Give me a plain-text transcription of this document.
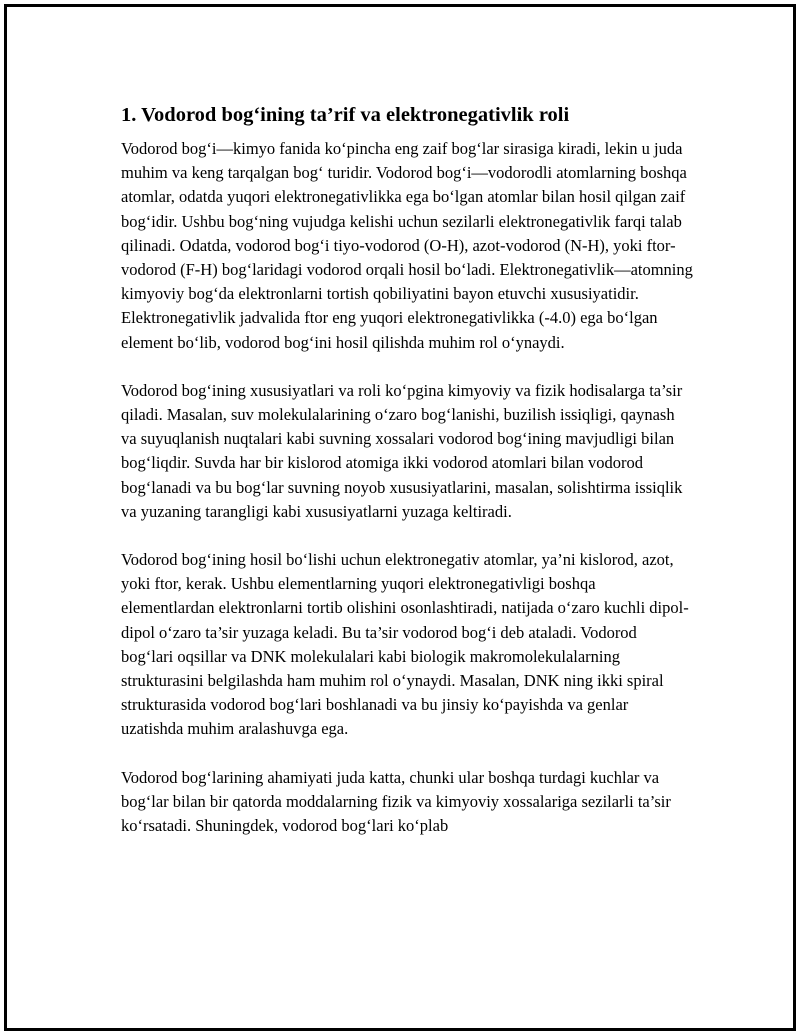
1. Vodorod bog‘ining ta’rif va elektronegativlik roli

Vodorod bog‘i—kimyo fanida ko‘pincha eng zaif bog‘lar sirasiga kiradi, lekin u juda muhim va keng tarqalgan bog‘ turidir. Vodorod bog‘i—vodorodli atomlarning boshqa atomlar, odatda yuqori elektronegativlikka ega bo‘lgan atomlar bilan hosil qilgan zaif bog‘idir. Ushbu bog‘ning vujudga kelishi uchun sezilarli elektronegativlik farqi talab qilinadi. Odatda, vodorod bog‘i tiyo-vodorod (O-H), azot-vodorod (N-H), yoki ftor-vodorod (F-H) bog‘laridagi vodorod orqali hosil bo‘ladi. Elektronegativlik—atomning kimyoviy bog‘da elektronlarni tortish qobiliyatini bayon etuvchi xususiyatidir. Elektronegativlik jadvalida ftor eng yuqori elektronegativlikka (-4.0) ega bo‘lgan element bo‘lib, vodorod bog‘ini hosil qilishda muhim rol o‘ynaydi.

Vodorod bog‘ining xususiyatlari va roli ko‘pgina kimyoviy va fizik hodisalarga ta’sir qiladi. Masalan, suv molekulalarining o‘zaro bog‘lanishi, buzilish issiqligi, qaynash va suyuqlanish nuqtalari kabi suvning xossalari vodorod bog‘ining mavjudligi bilan bog‘liqdir. Suvda har bir kislorod atomiga ikki vodorod atomlari bilan vodorod bog‘lanadi va bu bog‘lar suvning noyob xususiyatlarini, masalan, solishtirma issiqlik va yuzaning tarangligi kabi xususiyatlarni yuzaga keltiradi.

Vodorod bog‘ining hosil bo‘lishi uchun elektronegativ atomlar, ya’ni kislorod, azot, yoki ftor, kerak. Ushbu elementlarning yuqori elektronegativligi boshqa elementlardan elektronlarni tortib olishini osonlashtiradi, natijada o‘zaro kuchli dipol-dipol o‘zaro ta’sir yuzaga keladi. Bu ta’sir vodorod bog‘i deb ataladi. Vodorod bog‘lari oqsillar va DNK molekulalari kabi biologik makromolekulalarning strukturasini belgilashda ham muhim rol o‘ynaydi. Masalan, DNK ning ikki spiral strukturasida vodorod bog‘lari boshlanadi va bu jinsiy ko‘payishda va genlar uzatishda muhim aralashuvga ega.

Vodorod bog‘larining ahamiyati juda katta, chunki ular boshqa turdagi kuchlar va bog‘lar bilan bir qatorda moddalarning fizik va kimyoviy xossalariga sezilarli ta’sir ko‘rsatadi. Shuningdek, vodorod bog‘lari ko‘plab
